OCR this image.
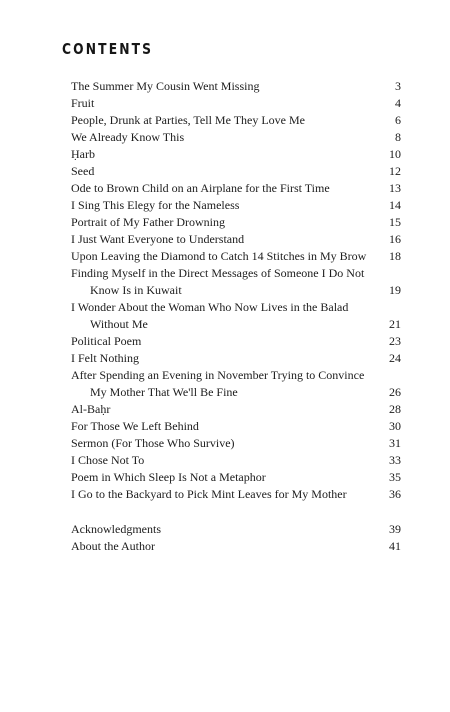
CONTENTS
The Summer My Cousin Went Missing	3
Fruit	4
People, Drunk at Parties, Tell Me They Love Me	6
We Already Know This	8
Ḥarb	10
Seed	12
Ode to Brown Child on an Airplane for the First Time	13
I Sing This Elegy for the Nameless	14
Portrait of My Father Drowning	15
I Just Want Everyone to Understand	16
Upon Leaving the Diamond to Catch 14 Stitches in My Brow 18
Finding Myself in the Direct Messages of Someone I Do Not
Know Is in Kuwait	19
I Wonder About the Woman Who Now Lives in the Balad
Without Me	21
Political Poem	23
I Felt Nothing	24
After Spending an Evening in November Trying to Convince
My Mother That We'll Be Fine	26
Al-Baḥr	28
For Those We Left Behind	30
Sermon (For Those Who Survive)	31
I Chose Not To	33
Poem in Which Sleep Is Not a Metaphor	35
I Go to the Backyard to Pick Mint Leaves for My Mother	36
Acknowledgments	39
About the Author	41
